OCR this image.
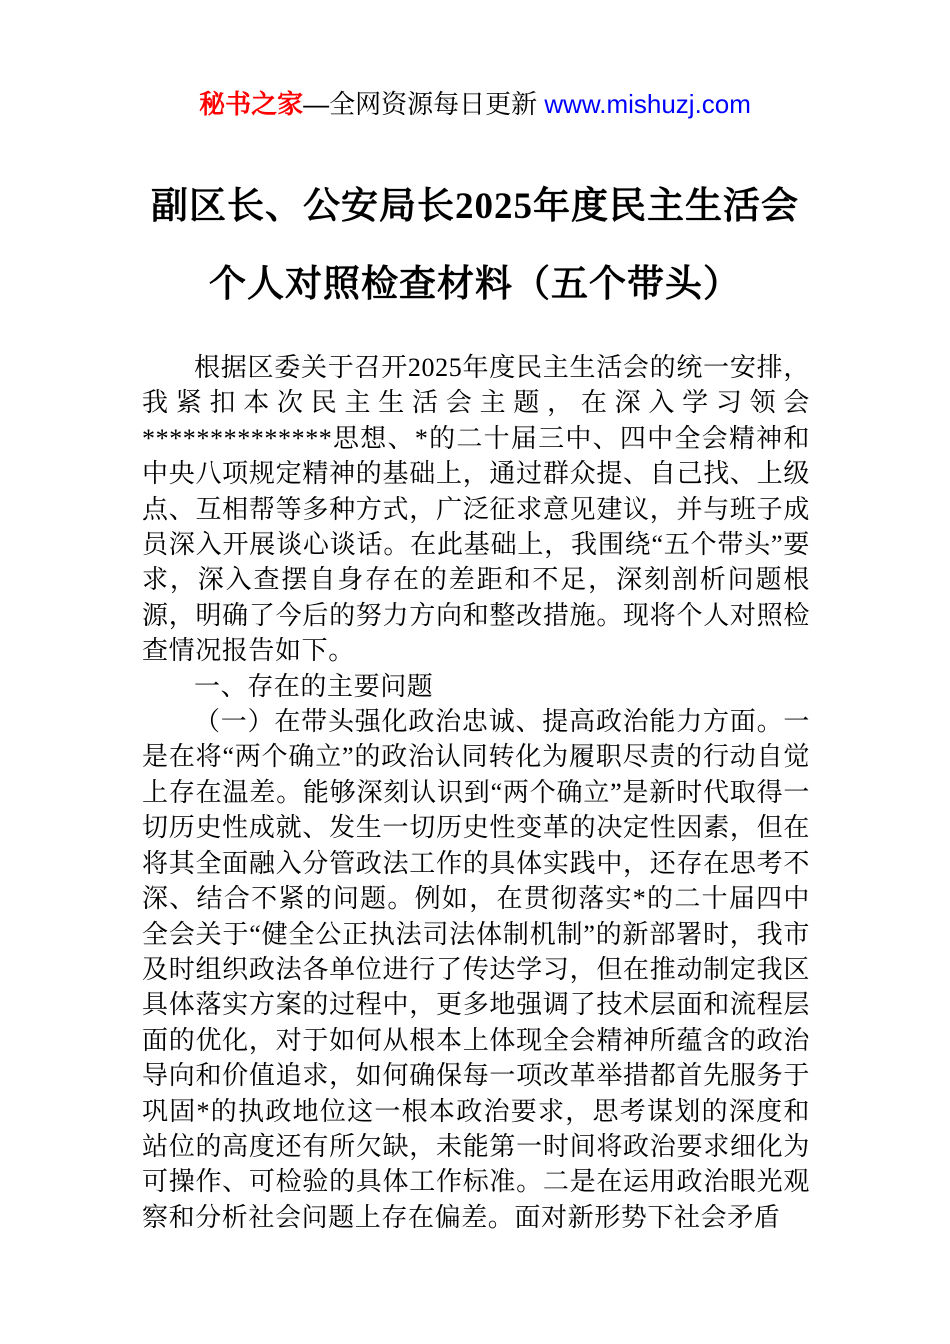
秘书之家—全网资源每日更新 www.mishuzj.com
副区长、公安局长2025年度民主生活会
个人对照检查材料（五个带头）

根据区委关于召开2025年度民主生活会的统一安排，我紧扣本次民主生活会主题，在深入学习领会**************思想、*的二十届三中、四中全会精神和中央八项规定精神的基础上，通过群众提、自己找、上级点、互相帮等多种方式，广泛征求意见建议，并与班子成员深入开展谈心谈话。在此基础上，我围绕“五个带头”要求，深入查摆自身存在的差距和不足，深刻剖析问题根源，明确了今后的努力方向和整改措施。现将个人对照检查情况报告如下。

一、存在的主要问题

（一）在带头强化政治忠诚、提高政治能力方面。一是在将“两个确立”的政治认同转化为履职尽责的行动自觉上存在温差。能够深刻认识到“两个确立”是新时代取得一切历史性成就、发生一切历史性变革的决定性因素，但在将其全面融入分管政法工作的具体实践中，还存在思考不深、结合不紧的问题。例如，在贯彻落实*的二十届四中全会关于“健全公正执法司法体制机制”的新部署时，我市及时组织政法各单位进行了传达学习，但在推动制定我区具体落实方案的过程中，更多地强调了技术层面和流程层面的优化，对于如何从根本上体现全会精神所蕴含的政治导向和价值追求，如何确保每一项改革举措都首先服务于巩固*的执政地位这一根本政治要求，思考谋划的深度和站位的高度还有所欠缺，未能第一时间将政治要求细化为可操作、可检验的具体工作标准。二是在运用政治眼光观察和分析社会问题上存在偏差。面对新形势下社会矛盾
